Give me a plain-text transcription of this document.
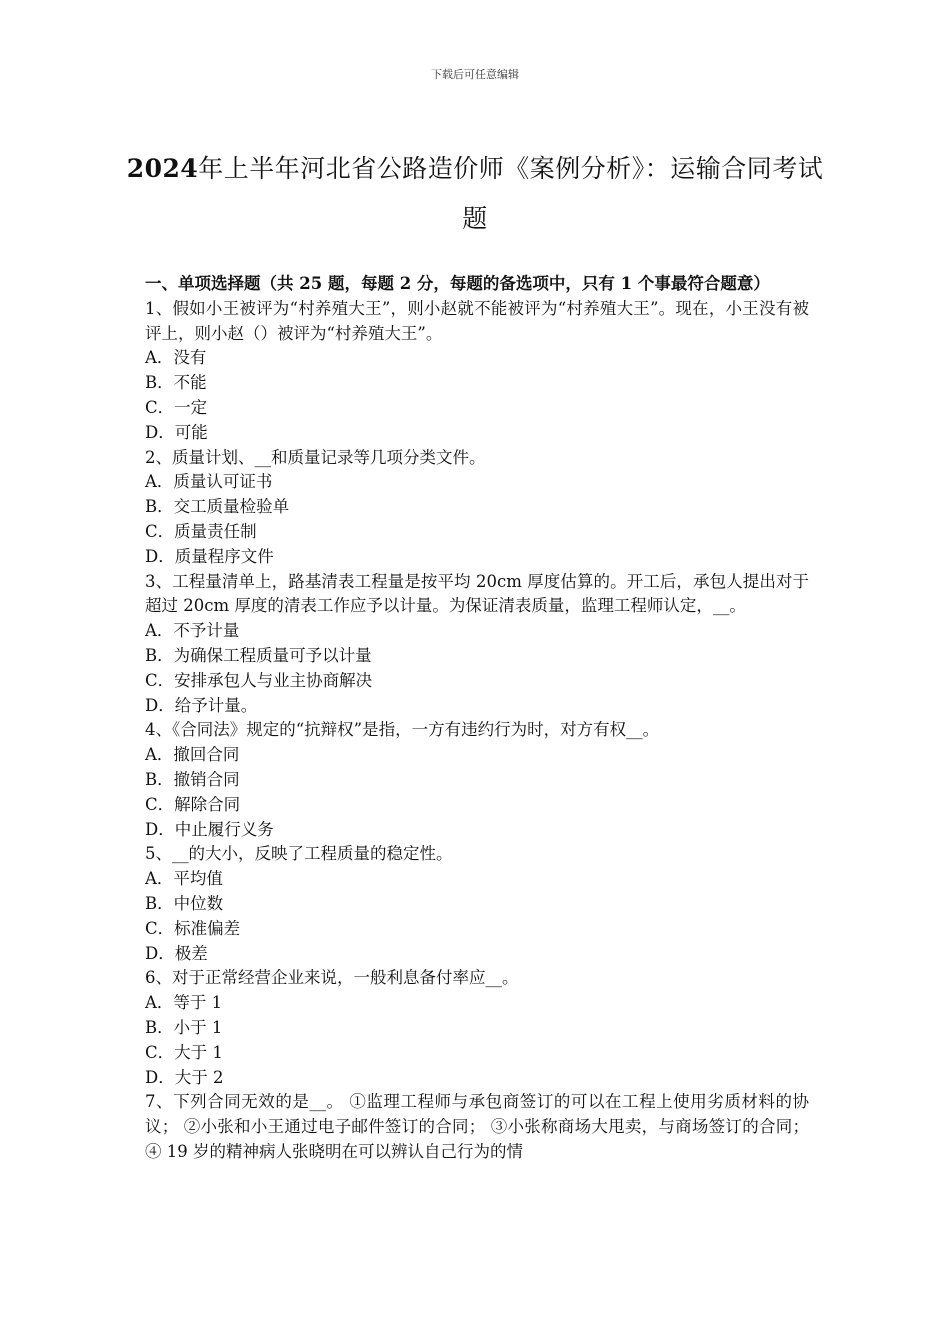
下载后可任意编辑
2024年上半年河北省公路造价师《案例分析》：运输合同考试题
一、单项选择题（共 25 题，每题 2 分，每题的备选项中，只有 1 个事最符合题意）
1、假如小王被评为“村养殖大王”，则小赵就不能被评为“村养殖大王”。现在，小王没有被评上，则小赵（）被评为“村养殖大王”。
A．没有
B．不能
C．一定
D．可能
2、质量计划、__和质量记录等几项分类文件。
A．质量认可证书
B．交工质量检验单
C．质量责任制
D．质量程序文件
3、工程量清单上，路基清表工程量是按平均 20cm 厚度估算的。开工后，承包人提出对于超过 20cm 厚度的清表工作应予以计量。为保证清表质量，监理工程师认定，__。
A．不予计量
B．为确保工程质量可予以计量
C．安排承包人与业主协商解决
D．给予计量。
4、《合同法》规定的“抗辩权”是指，一方有违约行为时，对方有权__。
A．撤回合同
B．撤销合同
C．解除合同
D．中止履行义务
5、__的大小，反映了工程质量的稳定性。
A．平均值
B．中位数
C．标准偏差
D．极差
6、对于正常经营企业来说，一般利息备付率应__。
A．等于 1
B．小于 1
C．大于 1
D．大于 2
7、下列合同无效的是__。 ①监理工程师与承包商签订的可以在工程上使用劣质材料的协议； ②小张和小王通过电子邮件签订的合同； ③小张称商场大甩卖，与商场签订的合同； ④ 19 岁的精神病人张晓明在可以辨认自己行为的情
